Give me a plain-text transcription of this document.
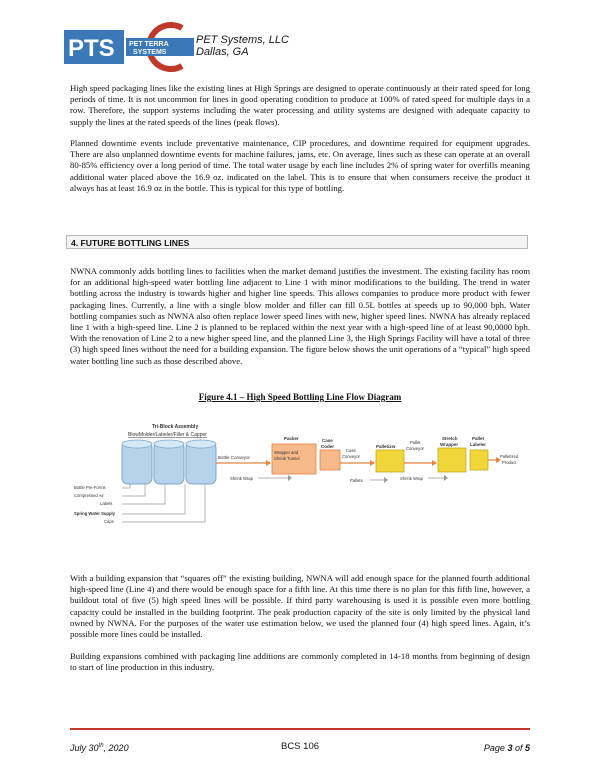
PTS PET TERRA
SYSTEMS
PET Systems, LLC
Dallas, GA

High speed packaging lines like the existing lines at High Springs are designed to operate continuously at their rated speed for long periods of time. It is not uncommon for lines in good operating condition to produce at 100% of rated speed for multiple days in a row. Therefore, the support systems including the water processing and utility systems are designed with adequate capacity to supply the lines at the rated speeds of the lines (peak flows).

Planned downtime events include preventative maintenance, CIP procedures, and downtime required for equipment upgrades. There are also unplanned downtime events for machine failures, jams, etc. On average, lines such as these can operate at an overall 80-85% efficiency over a long period of time. The total water usage by each line includes 2% of spring water for overfills meaning additional water placed above the 16.9 oz. indicated on the label. This is to ensure that when consumers receive the product it always has at least 16.9 oz in the bottle. This is typical for this type of bottling.

4. FUTURE BOTTLING LINES

NWNA commonly adds bottling lines to facilities when the market demand justifies the investment. The existing facility has room for an additional high-speed water bottling line adjacent to Line 1 with minor modifications to the building. The trend in water bottling across the industry is towards higher and higher line speeds. This allows companies to produce more product with fewer packaging lines. Currently, a line with a single blow molder and filler can fill 0.5L bottles at speeds up to 90,000 bph. Water bottling companies such as NWNA also often replace lower speed lines with new, higher speed lines. NWNA has already replaced line 1 with a high-speed line. Line 2 is planned to be replaced within the next year with a high-speed line of at least 90,0000 bph. With the renovation of Line 2 to a new higher speed line, and the planned Line 3, the High Springs Facility will have a total of three (3) high speed lines without the need for a building expansion. The figure below shows the unit operations of a “typical” high speed water bottling line such as those described above.

Figure 4.1 – High Speed Bottling Line Flow Diagram
Tri-Block Assembly
BlowMolder/Labeler/Filler & Capper
Bottle Conveyor
Packer
Wrapper and
Shrink Tunnel
Case
Coder
Case
Conveyor
Palletizer
Pallet
Conveyor
Stretch
Wrapper
Pallet
Labeler
Palletized
Product
Shrink Wrap	Pallets	Shrink Wrap
Bottle Pre-Forms
Compressed Air
Labels
Spring Water Supply
Caps

With a building expansion that “squares off” the existing building, NWNA will add enough space for the planned fourth additional high-speed line (Line 4) and there would be enough space for a fifth line. At this time there is no plan for this fifth line, however, a buildout total of five (5) high speed lines will be possible. If third party warehousing is used it is possible even more bottling capacity could be installed in the building footprint. The peak production capacity of the site is only limited by the physical land owned by NWNA. For the purposes of the water use estimation below, we used the planned four (4) high speed lines. Again, it’s possible more lines could be installed.

Building expansions combined with packaging line additions are commonly completed in 14-18 months from beginning of design to start of line production in this industry.

July 30th, 2020	BCS 106	Page 3 of 5
